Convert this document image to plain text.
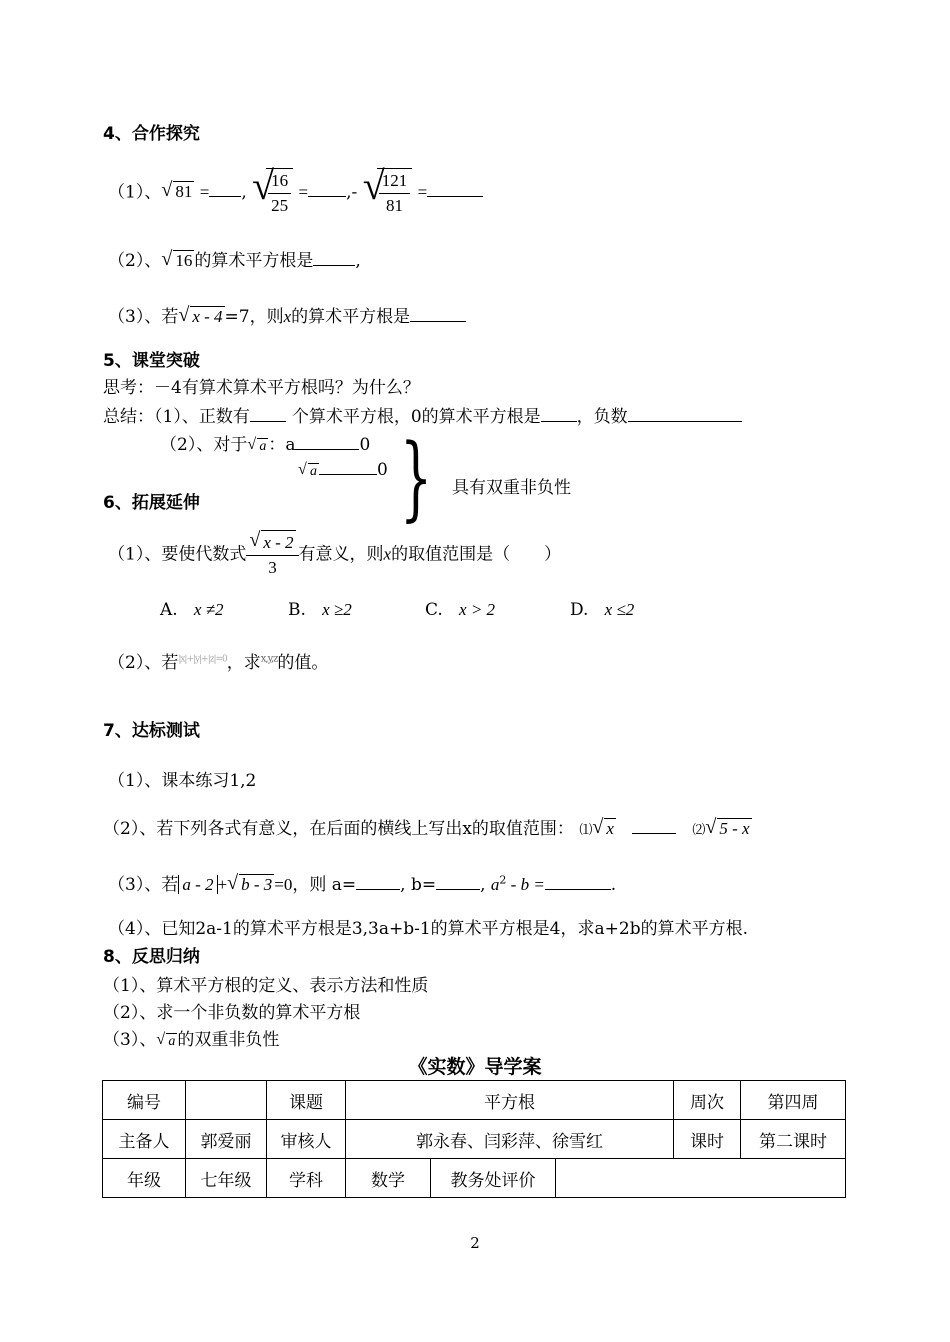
4、合作探究
（1）、 √ 81 = , √
$\frac{16}{25}$ = ,- √
$\frac{121}{81}$ =
（2）、 √ 16 的算术平方根是 ,
（3）、若 √ x - 4 =7，则x的算术平方根是
5、课堂突破
思考：－4有算术算术平方根吗？为什么？
总结：（1）、正数有 个算术平方根，0的算术平方根是 ，负数
（2）、对于 √ a ：a	0
√ a	0 } 具有双重非负性
6、拓展延伸
（1）、要使代数式 $\frac{√ x - 2}{3}$ 有意义，则x的取值范围是（　　）
A. x ≠2	B. x ≥2	C. x > 2	D. x ≤2
（2）、若$^{|x|+|y|+|z|=0}$，求$^{x,y,z}$的值。
7、达标测试
（1）、课本练习1,2
（2）、若下列各式有意义，在后面的横线上写出x的取值范围： ⑴ √ x	⑵ √ 5 - x
（3）、若 a - 2 + √ b - 3 =0，则 a=	, b=	, $a^2$ - b =	.
（4）、已知2a-1的算术平方根是3,3a+b-1的算术平方根是4，求a+2b的算术平方根.
8、反思归纳
（1）、算术平方根的定义、表示方法和性质
（2）、求一个非负数的算术平方根
（3）、 √ a 的双重非负性
《实数》导学案
编号		课题	平方根			周次	第四周
主备人	郭爱丽	审核人	郭永春、闫彩萍、徐雪红			课时	第二课时
年级	七年级	学科	数学	教务处评价			
2
